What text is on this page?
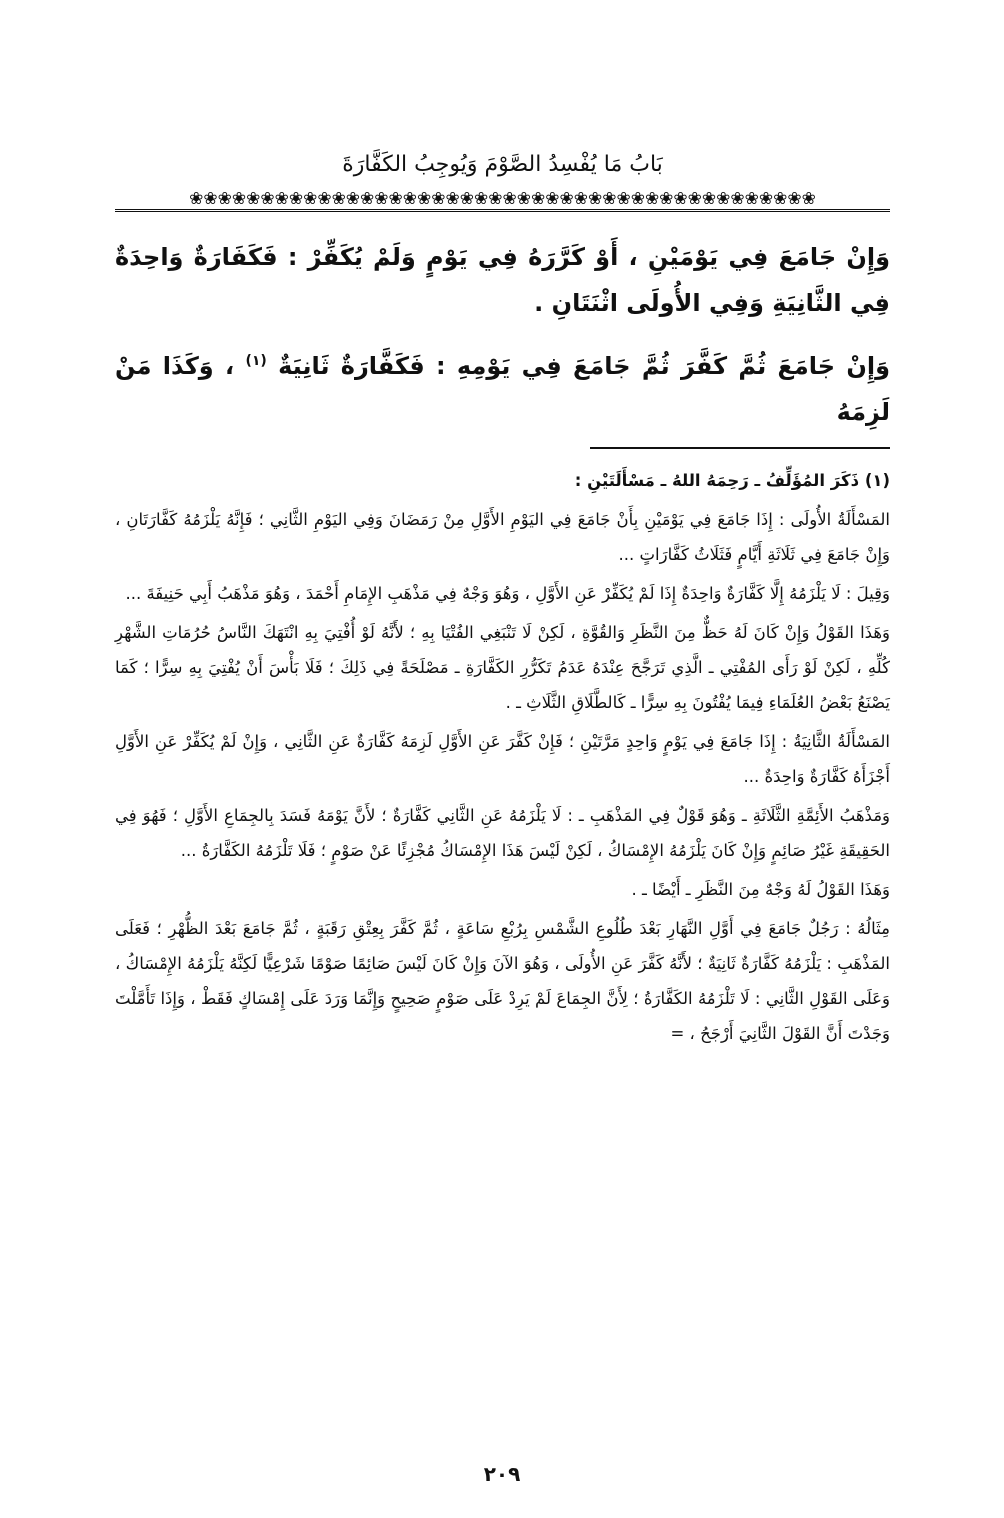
بَابُ مَا يُفْسِدُ الصَّوْمَ وَيُوجِبُ الكَفَّارَةَ
❀❀❀❀❀❀❀❀❀❀❀❀❀❀❀❀❀❀❀❀❀❀❀❀❀❀❀❀❀❀❀❀❀❀❀❀❀❀❀❀❀❀❀❀

وَإِنْ جَامَعَ فِي يَوْمَيْنِ ، أَوْ كَرَّرَهُ فِي يَوْمٍ وَلَمْ يُكَفِّرْ : فَكَفَارَةٌ وَاحِدَةٌ فِي الثَّانِيَةِ وَفِي الأُولَى اثْنَتَانِ .

وَإِنْ جَامَعَ ثُمَّ كَفَّرَ ثُمَّ جَامَعَ فِي يَوْمِهِ : فَكَفَّارَةٌ ثَانِيَةٌ $^{(١)}$ ، وَكَذَا مَنْ لَزِمَهُ

(١) ذَكَرَ المُؤَلِّفُ ـ رَحِمَهُ اللهُ ـ مَسْأَلَتَيْنِ :

المَسْأَلَةُ الأُولَى : إِذَا جَامَعَ فِي يَوْمَيْنِ بِأَنْ جَامَعَ فِي اليَوْمِ الأَوَّلِ مِنْ رَمَضَانَ وَفِي اليَوْمِ الثَّانِي ؛ فَإِنَّهُ يَلْزَمُهُ كَفَّارَتَانِ ، وَإِنْ جَامَعَ فِي ثَلَاثَةِ أَيَّامٍ فَثَلَاثُ كَفَّارَاتٍ ...

وَقِيلَ : لَا يَلْزَمُهُ إِلَّا كَفَّارَةٌ وَاحِدَةٌ إِذَا لَمْ يُكَفِّرْ عَنِ الأَوَّلِ ، وَهُوَ وَجْهٌ فِي مَذْهَبِ الإِمَامِ أَحْمَدَ ، وَهُوَ مَذْهَبُ أَبِي حَنِيفَةَ ...

وَهَذَا القَوْلُ وَإِنْ كَانَ لَهُ حَظٌّ مِنَ النَّظَرِ وَالقُوَّةِ ، لَكِنْ لَا تَنْبَغِي الفُتْيَا بِهِ ؛ لأَنَّهُ لَوْ أُفْتِيَ بِهِ انْتَهَكَ النَّاسُ حُرُمَاتِ الشَّهْرِ كُلِّهِ ، لَكِنْ لَوْ رَأَى المُفْتِي ـ الَّذِي تَرَجَّحَ عِنْدَهُ عَدَمُ تَكَرُّرِ الكَفَّارَةِ ـ مَصْلَحَةً فِي ذَلِكَ ؛ فَلَا بَأْسَ أَنْ يُفْتِيَ بِهِ سِرًّا ؛ كَمَا يَصْنَعُ بَعْضُ العُلَمَاءِ فِيمَا يُفْتُونَ بِهِ سِرًّا ـ كَالطَّلَاقِ الثَّلَاثِ ـ .

المَسْأَلَةُ الثَّانِيَةُ : إِذَا جَامَعَ فِي يَوْمٍ وَاحِدٍ مَرَّتَيْنِ ؛ فَإِنْ كَفَّرَ عَنِ الأَوَّلِ لَزِمَهُ كَفَّارَةٌ عَنِ الثَّانِي ، وَإِنْ لَمْ يُكَفِّرْ عَنِ الأَوَّلِ أَجْزَأَهُ كَفَّارَةٌ وَاحِدَةٌ ...

وَمَذْهَبُ الأَئِمَّةِ الثَّلَاثَةِ ـ وَهُوَ قَوْلٌ فِي المَذْهَبِ ـ : لَا يَلْزَمُهُ عَنِ الثَّانِي كَفَّارَةٌ ؛ لأَنَّ يَوْمَهُ فَسَدَ بِالجِمَاعِ الأَوَّلِ ؛ فَهُوَ فِي الحَقِيقَةِ غَيْرُ صَائِمٍ وَإِنْ كَانَ يَلْزَمُهُ الإِمْسَاكُ ، لَكِنْ لَيْسَ هَذَا الإِمْسَاكُ مُجْزِئًا عَنْ صَوْمٍ ؛ فَلَا تَلْزَمُهُ الكَفَّارَةُ ...

وَهَذَا القَوْلُ لَهُ وَجْهٌ مِنَ النَّظَرِ ـ أَيْضًا ـ .

مِثَالُهُ : رَجُلٌ جَامَعَ فِي أَوَّلِ النَّهَارِ بَعْدَ طُلُوعِ الشَّمْسِ بِرُبْعِ سَاعَةٍ ، ثُمَّ كَفَّرَ بِعِتْقِ رَقَبَةٍ ، ثُمَّ جَامَعَ بَعْدَ الظُّهْرِ ؛ فَعَلَى المَذْهَبِ : يَلْزَمُهُ كَفَّارَةٌ ثَانِيَةٌ ؛ لأَنَّهُ كَفَّرَ عَنِ الأُولَى ، وَهُوَ الآنَ وَإِنْ كَانَ لَيْسَ صَائِمًا صَوْمًا شَرْعِيًّا لَكِنَّهُ يَلْزَمُهُ الإِمْسَاكُ ، وَعَلَى القَوْلِ الثَّانِي : لَا تَلْزَمُهُ الكَفَّارَةُ ؛ لِأَنَّ الجِمَاعَ لَمْ يَرِدْ عَلَى صَوْمٍ صَحِيحٍ وَإِنَّمَا وَرَدَ عَلَى إِمْسَاكٍ فَقَطْ ، وَإِذَا تَأَمَّلْتَ وَجَدْتَ أَنَّ القَوْلَ الثَّانِيَ أَرْجَحُ ، =

٢٠٩
